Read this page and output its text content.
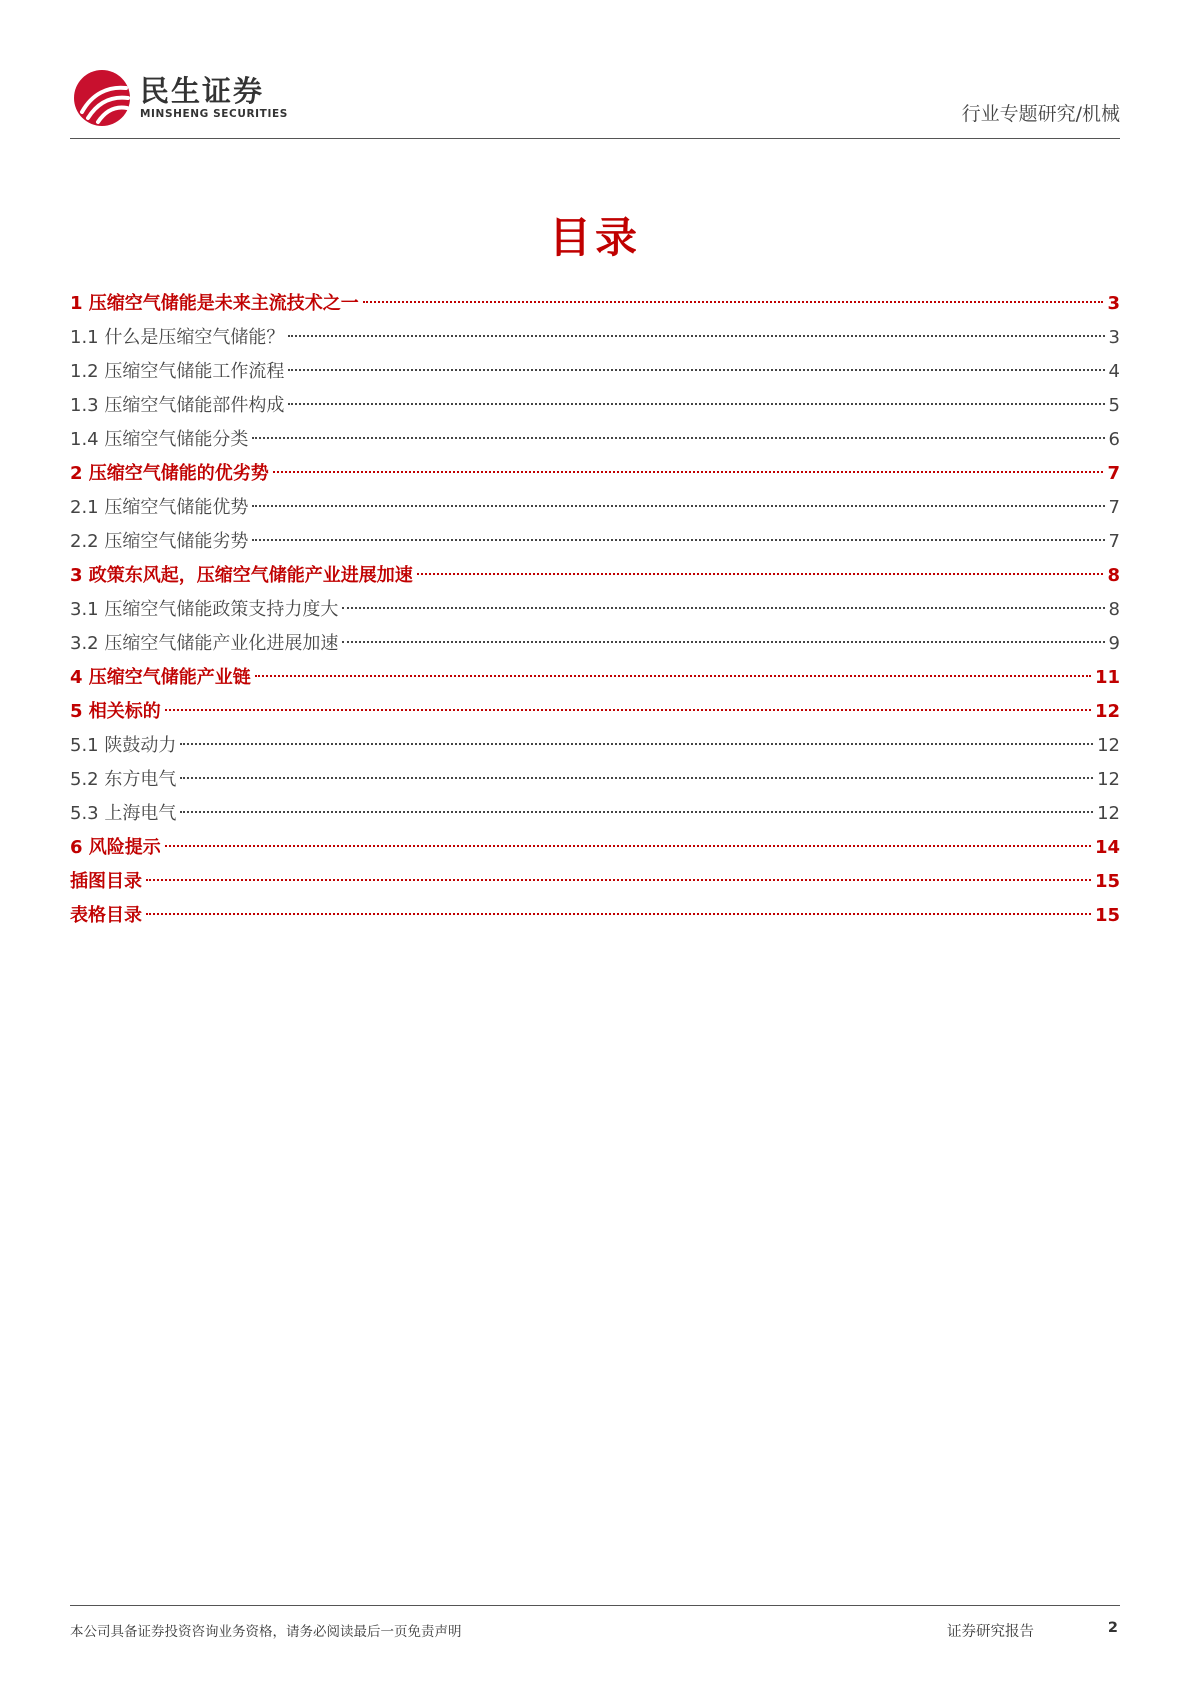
民生证券
MINSHENG SECURITIES	行业专题研究/机械
目录
1 压缩空气储能是未来主流技术之一	3
1.1 什么是压缩空气储能？	3
1.2 压缩空气储能工作流程	4
1.3 压缩空气储能部件构成	5
1.4 压缩空气储能分类	6
2 压缩空气储能的优劣势	7
2.1 压缩空气储能优势	7
2.2 压缩空气储能劣势	7
3 政策东风起，压缩空气储能产业进展加速	8
3.1 压缩空气储能政策支持力度大	8
3.2 压缩空气储能产业化进展加速	9
4 压缩空气储能产业链	11
5 相关标的	12
5.1 陕鼓动力	12
5.2 东方电气	12
5.3 上海电气	12
6 风险提示	14
插图目录	15
表格目录	15
本公司具备证券投资咨询业务资格，请务必阅读最后一页免责声明	证券研究报告	2
